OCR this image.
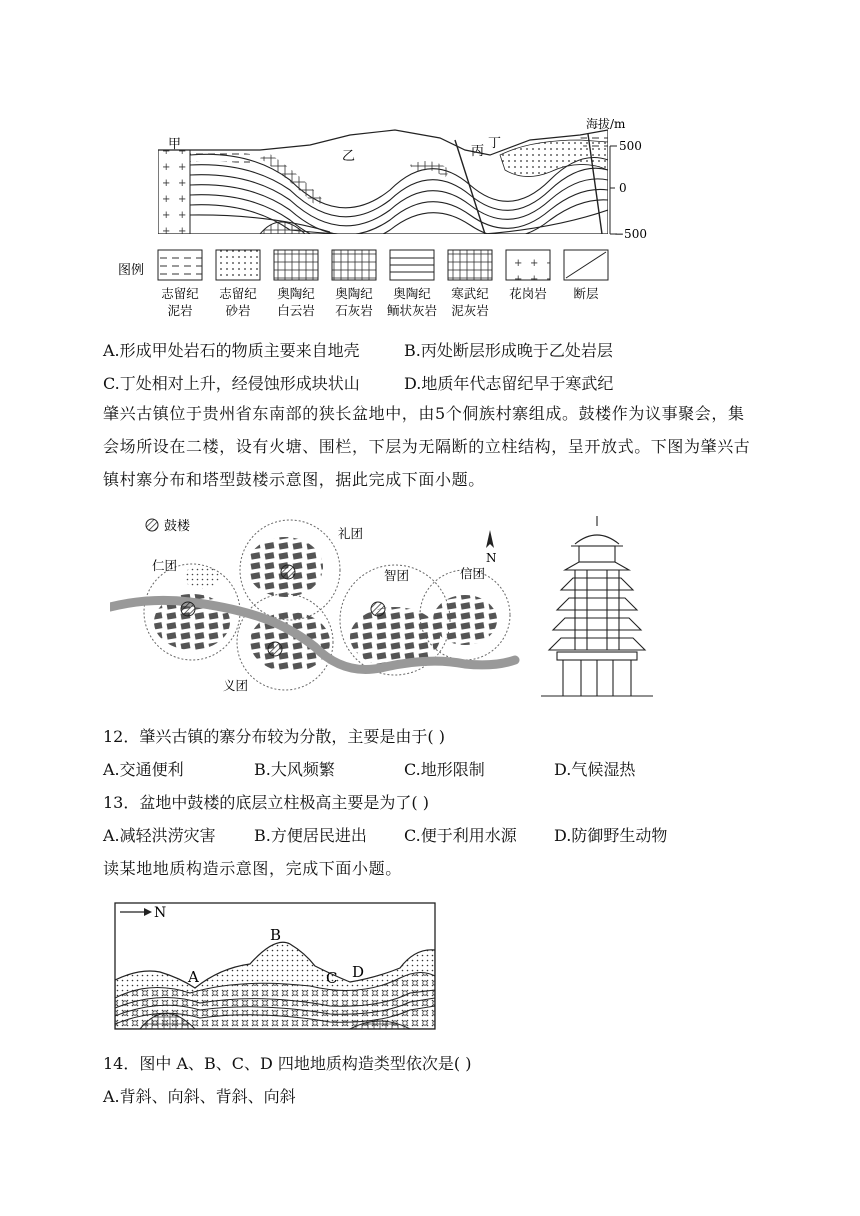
甲
乙	丙
丁
海拔/m
500
0
−500
图例
志留纪
泥岩
志留纪
砂岩
奥陶纪
白云岩
奥陶纪
石灰岩
奥陶纪
鲕状灰岩
寒武纪
泥灰岩
花岗岩 断层
A.形成甲处岩石的物质主要来自地壳	B.丙处断层形成晚于乙处岩层
C.丁处相对上升，经侵蚀形成块状山	D.地质年代志留纪早于寒武纪
肇兴古镇位于贵州省东南部的狭长盆地中，由5个侗族村寨组成。鼓楼作为议事聚会，集会场所设在二楼，设有火塘、围栏，下层为无隔断的立柱结构，呈开放式。下图为肇兴古镇村寨分布和塔型鼓楼示意图，据此完成下面小题。
鼓楼
N
礼团
仁团
智团	信团
义团
12．肇兴古镇的寨分布较为分散，主要是由于( )
A.交通便利	B.大风频繁	C.地形限制	D.气候湿热
13．盆地中鼓楼的底层立柱极高主要是为了( )
A.减轻洪涝灾害 B.方便居民进出 C.便于利用水源 D.防御野生动物
读某地地质构造示意图，完成下面小题。
N
A
B
C D
14．图中 A、B、C、D 四地地质构造类型依次是( )
A.背斜、向斜、背斜、向斜
